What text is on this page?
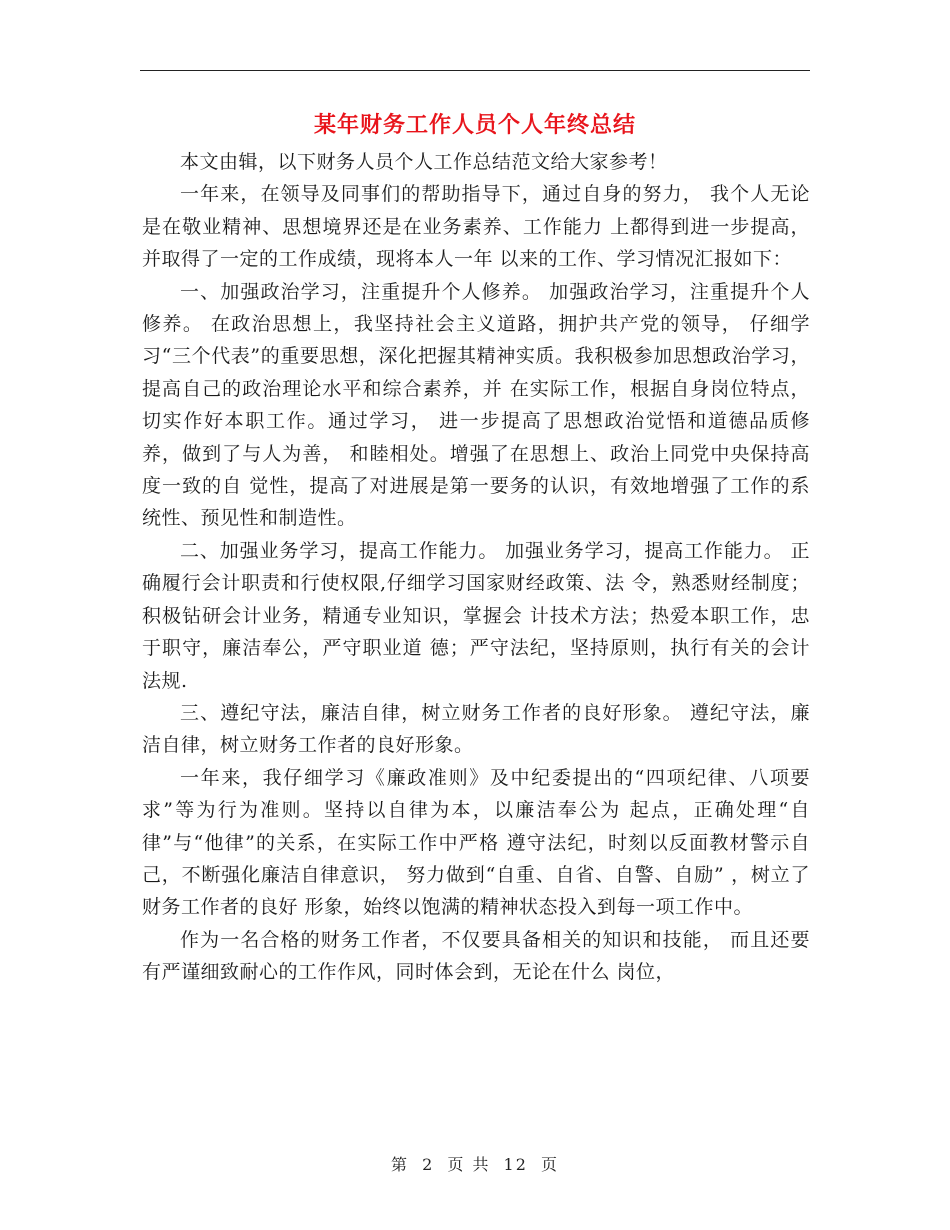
某年财务工作人员个人年终总结

本文由辑，以下财务人员个人工作总结范文给大家参考！

一年来，在领导及同事们的帮助指导下，通过自身的努力， 我个人无论是在敬业精神、思想境界还是在业务素养、工作能力 上都得到进一步提高，并取得了一定的工作成绩，现将本人一年 以来的工作、学习情况汇报如下：

一、加强政治学习，注重提升个人修养。 加强政治学习，注重提升个人修养。 在政治思想上，我坚持社会主义道路，拥护共产党的领导， 仔细学习“三个代表”的重要思想，深化把握其精神实质。我积极参加思想政治学习，提高自己的政治理论水平和综合素养，并 在实际工作，根据自身岗位特点，切实作好本职工作。通过学习， 进一步提高了思想政治觉悟和道德品质修养，做到了与人为善， 和睦相处。增强了在思想上、政治上同党中央保持高度一致的自 觉性，提高了对进展是第一要务的认识，有效地增强了工作的系 统性、预见性和制造性。

二、加强业务学习，提高工作能力。 加强业务学习，提高工作能力。 正确履行会计职责和行使权限,仔细学习国家财经政策、法 令，熟悉财经制度；积极钻研会计业务，精通专业知识，掌握会 计技术方法；热爱本职工作，忠于职守，廉洁奉公，严守职业道 德；严守法纪，坚持原则，执行有关的会计法规.

三、遵纪守法，廉洁自律，树立财务工作者的良好形象。 遵纪守法，廉洁自律，树立财务工作者的良好形象。

一年来，我仔细学习《廉政准则》及中纪委提出的“四项纪律、八项要求”等为行为准则。坚持以自律为本，以廉洁奉公为 起点，正确处理“自律”与“他律”的关系，在实际工作中严格 遵守法纪，时刻以反面教材警示自己，不断强化廉洁自律意识， 努力做到“自重、自省、自警、自励” ，树立了财务工作者的良好 形象，始终以饱满的精神状态投入到每一项工作中。

作为一名合格的财务工作者，不仅要具备相关的知识和技能， 而且还要有严谨细致耐心的工作作风，同时体会到，无论在什么 岗位，

第 2 页 共 12 页
